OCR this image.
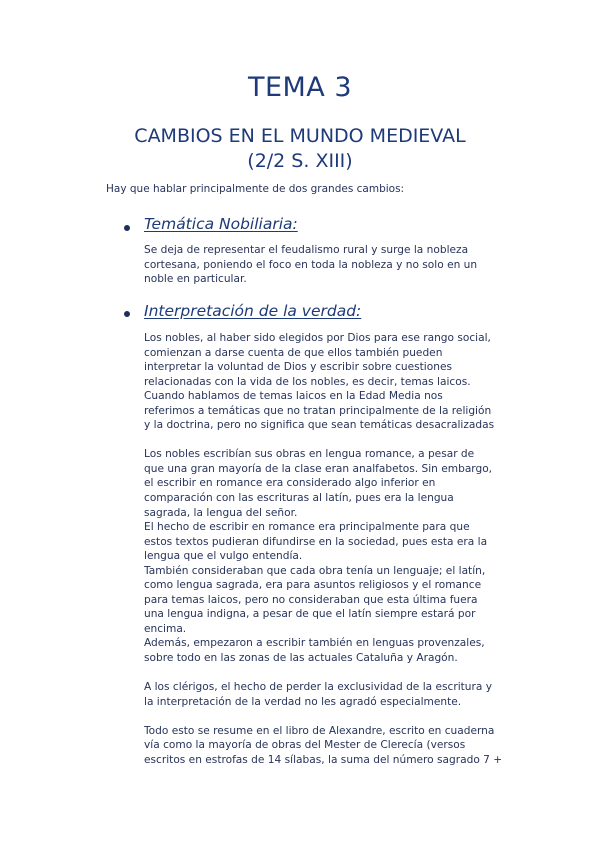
TEMA 3
CAMBIOS EN EL MUNDO MEDIEVAL
(2/2 S. XIII)
Hay que hablar principalmente de dos grandes cambios:
Temática Nobiliaria:
Se deja de representar el feudalismo rural y surge la nobleza
cortesana, poniendo el foco en toda la nobleza y no solo en un
noble en particular.
Interpretación de la verdad:
Los nobles, al haber sido elegidos por Dios para ese rango social,
comienzan a darse cuenta de que ellos también pueden
interpretar la voluntad de Dios y escribir sobre cuestiones
relacionadas con la vida de los nobles, es decir, temas laicos.
Cuando hablamos de temas laicos en la Edad Media nos
referimos a temáticas que no tratan principalmente de la religión
y la doctrina, pero no significa que sean temáticas desacralizadas
Los nobles escribían sus obras en lengua romance, a pesar de
que una gran mayoría de la clase eran analfabetos. Sin embargo,
el escribir en romance era considerado algo inferior en
comparación con las escrituras al latín, pues era la lengua
sagrada, la lengua del señor.
El hecho de escribir en romance era principalmente para que
estos textos pudieran difundirse en la sociedad, pues esta era la
lengua que el vulgo entendía.
También consideraban que cada obra tenía un lenguaje; el latín,
como lengua sagrada, era para asuntos religiosos y el romance
para temas laicos, pero no consideraban que esta última fuera
una lengua indigna, a pesar de que el latín siempre estará por
encima.
Además, empezaron a escribir también en lenguas provenzales,
sobre todo en las zonas de las actuales Cataluña y Aragón.
A los clérigos, el hecho de perder la exclusividad de la escritura y
la interpretación de la verdad no les agradó especialmente.
Todo esto se resume en el libro de Alexandre, escrito en cuaderna
vía como la mayoría de obras del Mester de Clerecía (versos
escritos en estrofas de 14 sílabas, la suma del número sagrado 7 +
